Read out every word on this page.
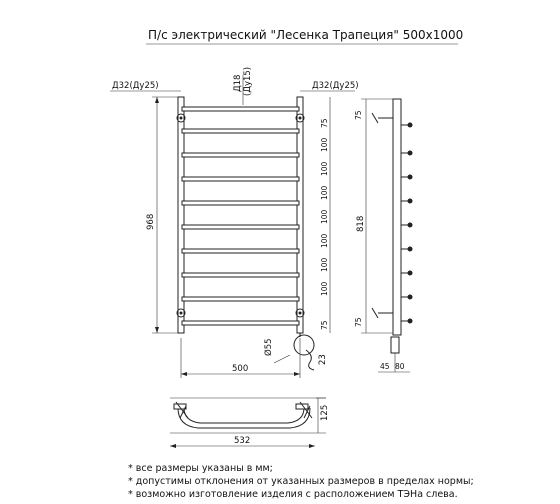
П/с электрический "Лесенка Трапеция" 500х1000
Ø55
23
Д32(Ду25)	Д32(Ду25)
Д18 (Ду15)
968
500
75
100
100
100
100
100
100
100
75
818
75
75
45 80
125
532
* все размеры указаны в мм;
* допустимы отклонения от указанных размеров в пределах нормы;
* возможно изготовление изделия с расположением ТЭНа слева.
